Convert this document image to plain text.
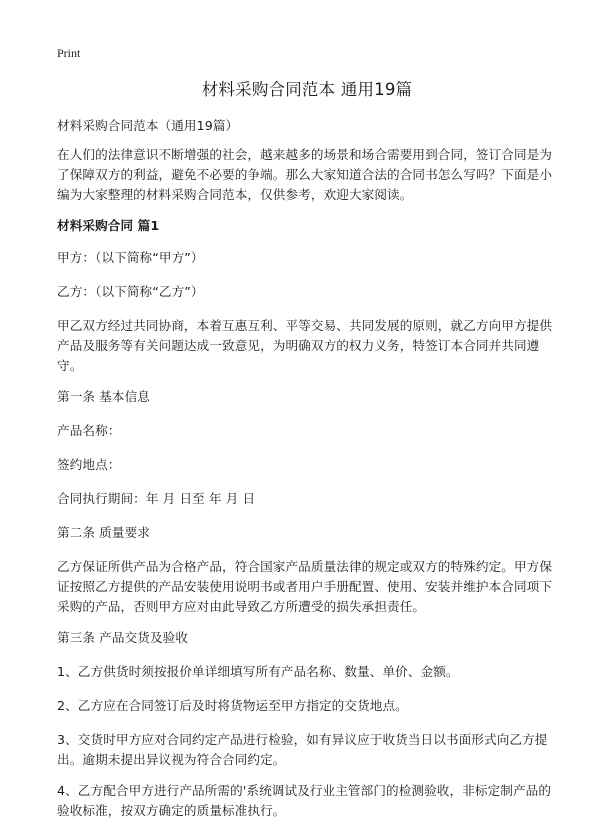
Print
材料采购合同范本 通用19篇

材料采购合同范本（通用19篇）

在人们的法律意识不断增强的社会，越来越多的场景和场合需要用到合同，签订合同是为了保障双方的利益，避免不必要的争端。那么大家知道合法的合同书怎么写吗？下面是小编为大家整理的材料采购合同范本，仅供参考，欢迎大家阅读。

材料采购合同 篇1

甲方：（以下简称“甲方”）

乙方：（以下简称“乙方”）

甲乙双方经过共同协商，本着互惠互利、平等交易、共同发展的原则，就乙方向甲方提供产品及服务等有关问题达成一致意见，为明确双方的权力义务，特签订本合同并共同遵守。

第一条 基本信息

产品名称：

签约地点：

合同执行期间：年 月 日至 年 月 日

第二条 质量要求

乙方保证所供产品为合格产品，符合国家产品质量法律的规定或双方的特殊约定。甲方保证按照乙方提供的产品安装使用说明书或者用户手册配置、使用、安装并维护本合同项下采购的产品，否则甲方应对由此导致乙方所遭受的损失承担责任。

第三条 产品交货及验收

1、乙方供货时须按报价单详细填写所有产品名称、数量、单价、金额。

2、乙方应在合同签订后及时将货物运至甲方指定的交货地点。

3、交货时甲方应对合同约定产品进行检验，如有异议应于收货当日以书面形式向乙方提出。逾期未提出异议视为符合合同约定。

4、乙方配合甲方进行产品所需的'系统调试及行业主管部门的检测验收，非标定制产品的验收标准，按双方确定的质量标准执行。
